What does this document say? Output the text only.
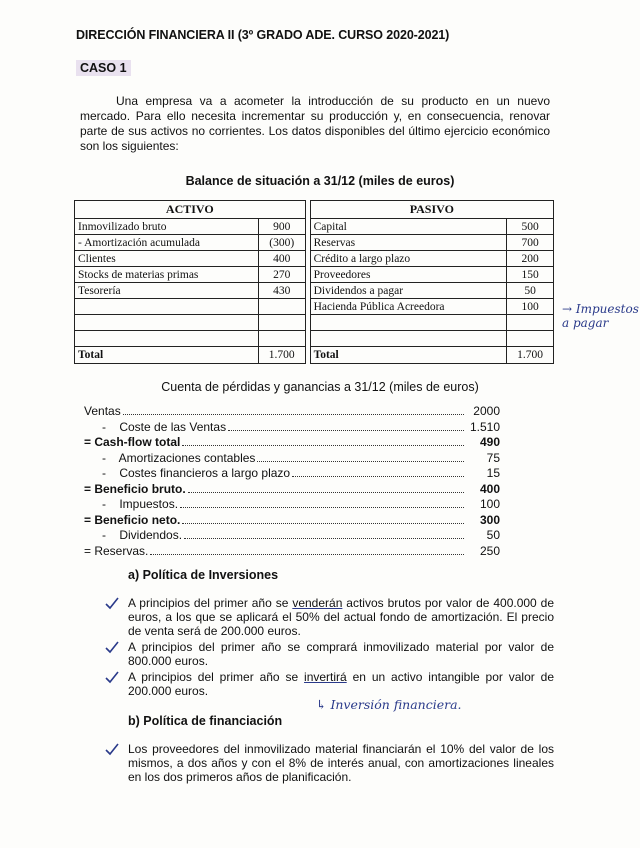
DIRECCIÓN FINANCIERA II (3º GRADO ADE. CURSO 2020-2021)
CASO 1
Una empresa va a acometer la introducción de su producto en un nuevo mercado. Para ello necesita incrementar su producción y, en consecuencia, renovar parte de sus activos no corrientes. Los datos disponibles del último ejercicio económico son los siguientes:
Balance de situación a 31/12 (miles de euros)
ACTIVO			PASIVO	
Inmovilizado bruto	900		Capital	500
- Amortización acumulada	(300)		Reservas	700
Clientes	400		Crédito a largo plazo	200
Stocks de materias primas	270		Proveedores	150
Tesorería	430		Dividendos a pagar	50
			Hacienda Pública Acreedora	100

Total	1.700		Total	1.700
→ Impuestos a pagar
Cuenta de pérdidas y ganancias a 31/12 (miles de euros)
Ventas	2000
-    Coste de las Ventas	1.510
= Cash-flow total	490
-    Amortizaciones contables	75
-    Costes financieros a largo plazo	15
= Beneficio bruto.	400
-    Impuestos.	100
= Beneficio neto.	300
-    Dividendos.	50
= Reservas.	250
a) Política de Inversiones
A principios del primer año se venderán activos brutos por valor de 400.000 de euros, a los que se aplicará el 50% del actual fondo de amortización. El precio de venta será de 200.000 euros.
A principios del primer año se comprará inmovilizado material por valor de 800.000 euros.
A principios del primer año se invertirá en un activo intangible por valor de 200.000 euros.
↳ Inversión financiera.
b) Política de financiación
Los proveedores del inmovilizado material financiarán el 10% del valor de los mismos, a dos años y con el 8% de interés anual, con amortizaciones lineales en los dos primeros años de planificación.
